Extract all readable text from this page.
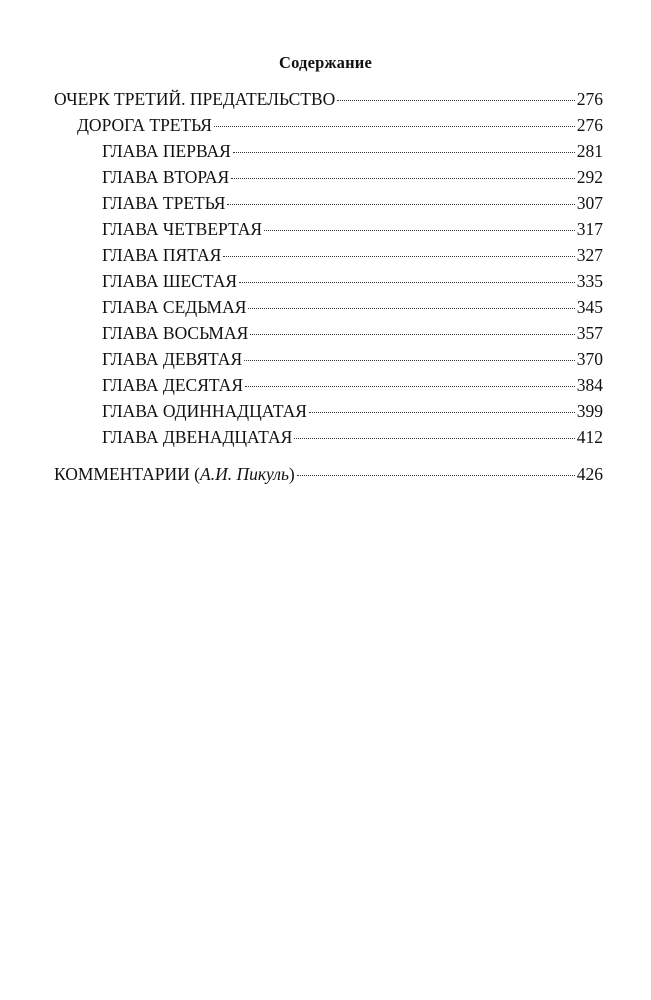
Содержание
ОЧЕРК ТРЕТИЙ. ПРЕДАТЕЛЬСТВО	276
ДОРОГА ТРЕТЬЯ	276
ГЛАВА ПЕРВАЯ	281
ГЛАВА ВТОРАЯ	292
ГЛАВА ТРЕТЬЯ	307
ГЛАВА ЧЕТВЕРТАЯ	317
ГЛАВА ПЯТАЯ	327
ГЛАВА ШЕСТАЯ	335
ГЛАВА СЕДЬМАЯ	345
ГЛАВА ВОСЬМАЯ	357
ГЛАВА ДЕВЯТАЯ	370
ГЛАВА ДЕСЯТАЯ	384
ГЛАВА ОДИННАДЦАТАЯ	399
ГЛАВА ДВЕНАДЦАТАЯ	412
КОММЕНТАРИИ (А.И. Пикуль)	426
